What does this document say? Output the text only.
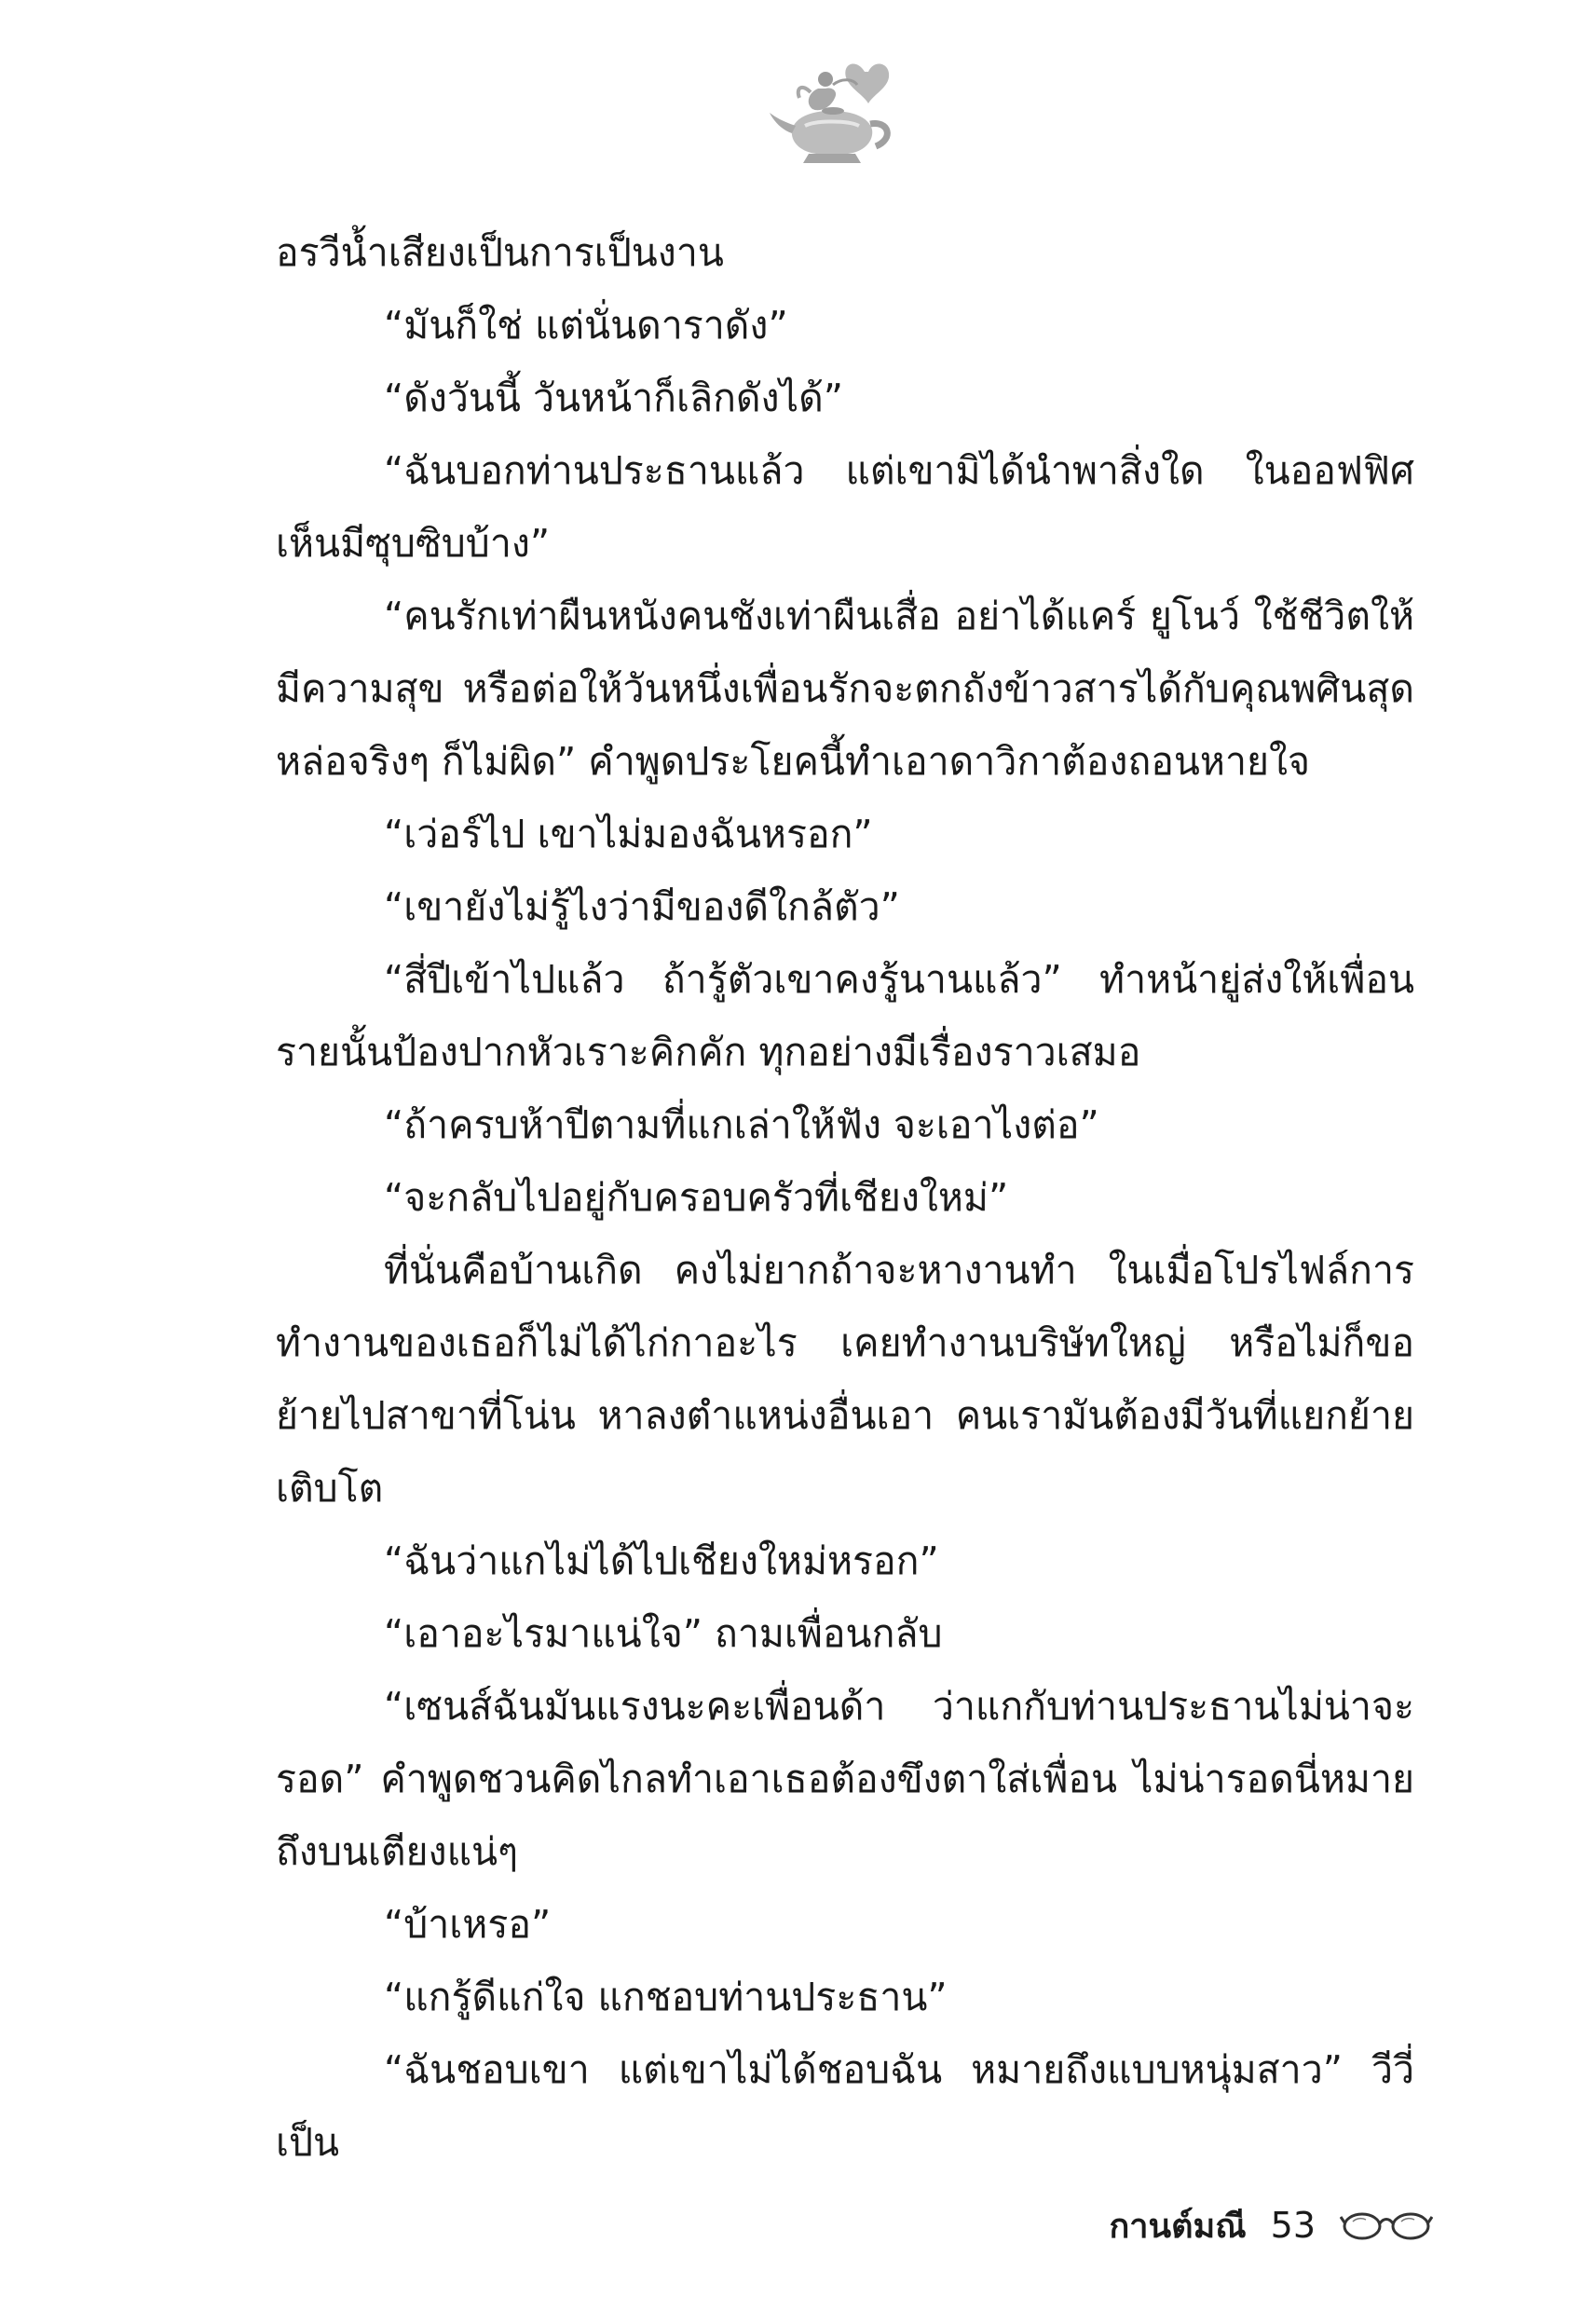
อรวีน้ำเสียงเป็นการเป็นงาน

“มันก็ใช่ แต่นั่นดาราดัง”

“ดังวันนี้ วันหน้าก็เลิกดังได้”

“ฉันบอกท่านประธานแล้ว แต่เขามิได้นำพาสิ่งใด ในออฟฟิศเห็นมีซุบซิบบ้าง”

“คนรักเท่าผืนหนังคนชังเท่าผืนเสื่อ อย่าได้แคร์ ยูโนว์ ใช้ชีวิตให้มีความสุข หรือต่อให้วันหนึ่งเพื่อนรักจะตกถังข้าวสารได้กับคุณพศินสุดหล่อจริงๆ ก็ไม่ผิด” คำพูดประโยคนี้ทำเอาดาวิกาต้องถอนหายใจ

“เว่อร์ไป เขาไม่มองฉันหรอก”

“เขายังไม่รู้ไงว่ามีของดีใกล้ตัว”

“สี่ปีเข้าไปแล้ว ถ้ารู้ตัวเขาคงรู้นานแล้ว” ทำหน้ายู่ส่งให้เพื่อนรายนั้นป้องปากหัวเราะคิกคัก ทุกอย่างมีเรื่องราวเสมอ

“ถ้าครบห้าปีตามที่แกเล่าให้ฟัง จะเอาไงต่อ”

“จะกลับไปอยู่กับครอบครัวที่เชียงใหม่”

ที่นั่นคือบ้านเกิด คงไม่ยากถ้าจะหางานทำ ในเมื่อโปรไฟล์การทำงานของเธอก็ไม่ได้ไก่กาอะไร เคยทำงานบริษัทใหญ่ หรือไม่ก็ขอย้ายไปสาขาที่โน่น หาลงตำแหน่งอื่นเอา คนเรามันต้องมีวันที่แยกย้ายเติบโต

“ฉันว่าแกไม่ได้ไปเชียงใหม่หรอก”

“เอาอะไรมาแน่ใจ” ถามเพื่อนกลับ

“เซนส์ฉันมันแรงนะคะเพื่อนด้า ว่าแกกับท่านประธานไม่น่าจะรอด” คำพูดชวนคิดไกลทำเอาเธอต้องขึงตาใส่เพื่อน ไม่น่ารอดนี่หมายถึงบนเตียงแน่ๆ

“บ้าเหรอ”

“แกรู้ดีแก่ใจ แกชอบท่านประธาน”

“ฉันชอบเขา แต่เขาไม่ได้ชอบฉัน หมายถึงแบบหนุ่มสาว” วีวี่เป็น

กานต์มณี 53
